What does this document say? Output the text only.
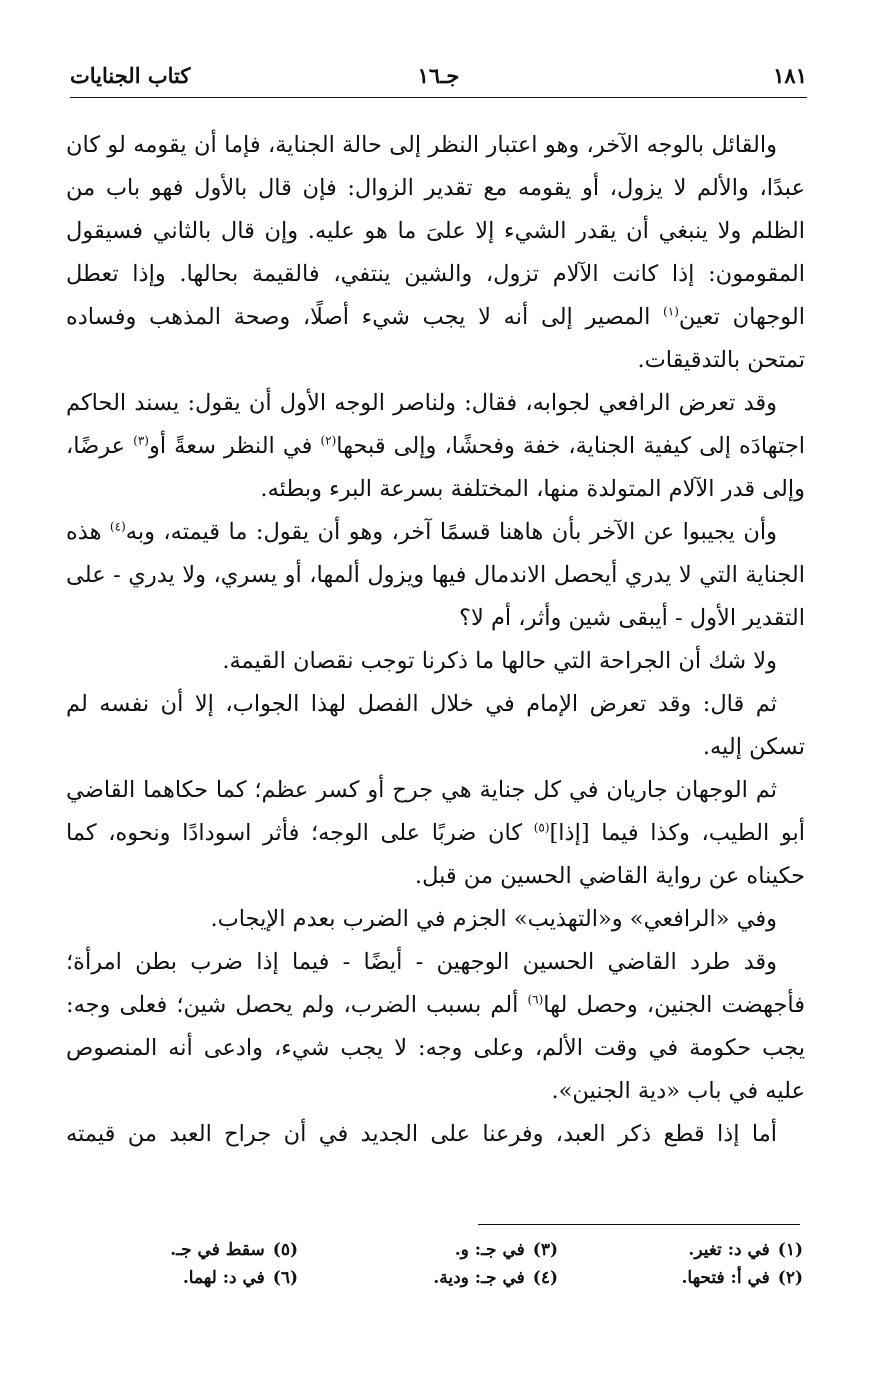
١٨١
جـ١٦
كتاب الجنايات

والقائل بالوجه الآخر، وهو اعتبار النظر إلى حالة الجناية، فإما أن يقومه لو كان عبدًا، والألم لا يزول، أو يقومه مع تقدير الزوال: فإن قال بالأول فهو باب من الظلم ولا ينبغي أن يقدر الشيء إلا علىَ ما هو عليه. وإن قال بالثاني فسيقول المقومون: إذا كانت الآلام تزول، والشين ينتفي، فالقيمة بحالها. وإذا تعطل الوجهان تعين$^{(١)}$ المصير إلى أنه لا يجب شيء أصلًا، وصحة المذهب وفساده تمتحن بالتدقيقات.

وقد تعرض الرافعي لجوابه، فقال: ولناصر الوجه الأول أن يقول: يسند الحاكم اجتهادَه إلى كيفية الجناية، خفة وفحشًا، وإلى قبحها$^{(٢)}$ في النظر سعةً أو$^{(٣)}$ عرضًا، وإلى قدر الآلام المتولدة منها، المختلفة بسرعة البرء وبطئه.

وأن يجيبوا عن الآخر بأن هاهنا قسمًا آخر، وهو أن يقول: ما قيمته، وبه$^{(٤)}$ هذه الجناية التي لا يدري أيحصل الاندمال فيها ويزول ألمها، أو يسري، ولا يدري - على التقدير الأول - أيبقى شين وأثر، أم لا؟

ولا شك أن الجراحة التي حالها ما ذكرنا توجب نقصان القيمة.

ثم قال: وقد تعرض الإمام في خلال الفصل لهذا الجواب، إلا أن نفسه لم تسكن إليه.

ثم الوجهان جاريان في كل جناية هي جرح أو كسر عظم؛ كما حكاهما القاضي أبو الطيب، وكذا فيما [إذا]$^{(٥)}$ كان ضربًا على الوجه؛ فأثر اسودادًا ونحوه، كما حكيناه عن رواية القاضي الحسين من قبل.

وفي «الرافعي» و«التهذيب» الجزم في الضرب بعدم الإيجاب.

وقد طرد القاضي الحسين الوجهين - أيضًا - فيما إذا ضرب بطن امرأة؛ فأجهضت الجنين، وحصل لها$^{(٦)}$ ألم بسبب الضرب، ولم يحصل شين؛ فعلى وجه: يجب حكومة في وقت الألم، وعلى وجه: لا يجب شيء، وادعى أنه المنصوص عليه في باب «دية الجنين».

أما إذا قطع ذكر العبد، وفرعنا على الجديد في أن جراح العبد من قيمته

(١)في د: تغير.
(٢)في أ: فتحها.
(٣)في جـ: و.
(٤)في جـ: ودية.
(٥)سقط في جـ.
(٦)في د: لهما.
